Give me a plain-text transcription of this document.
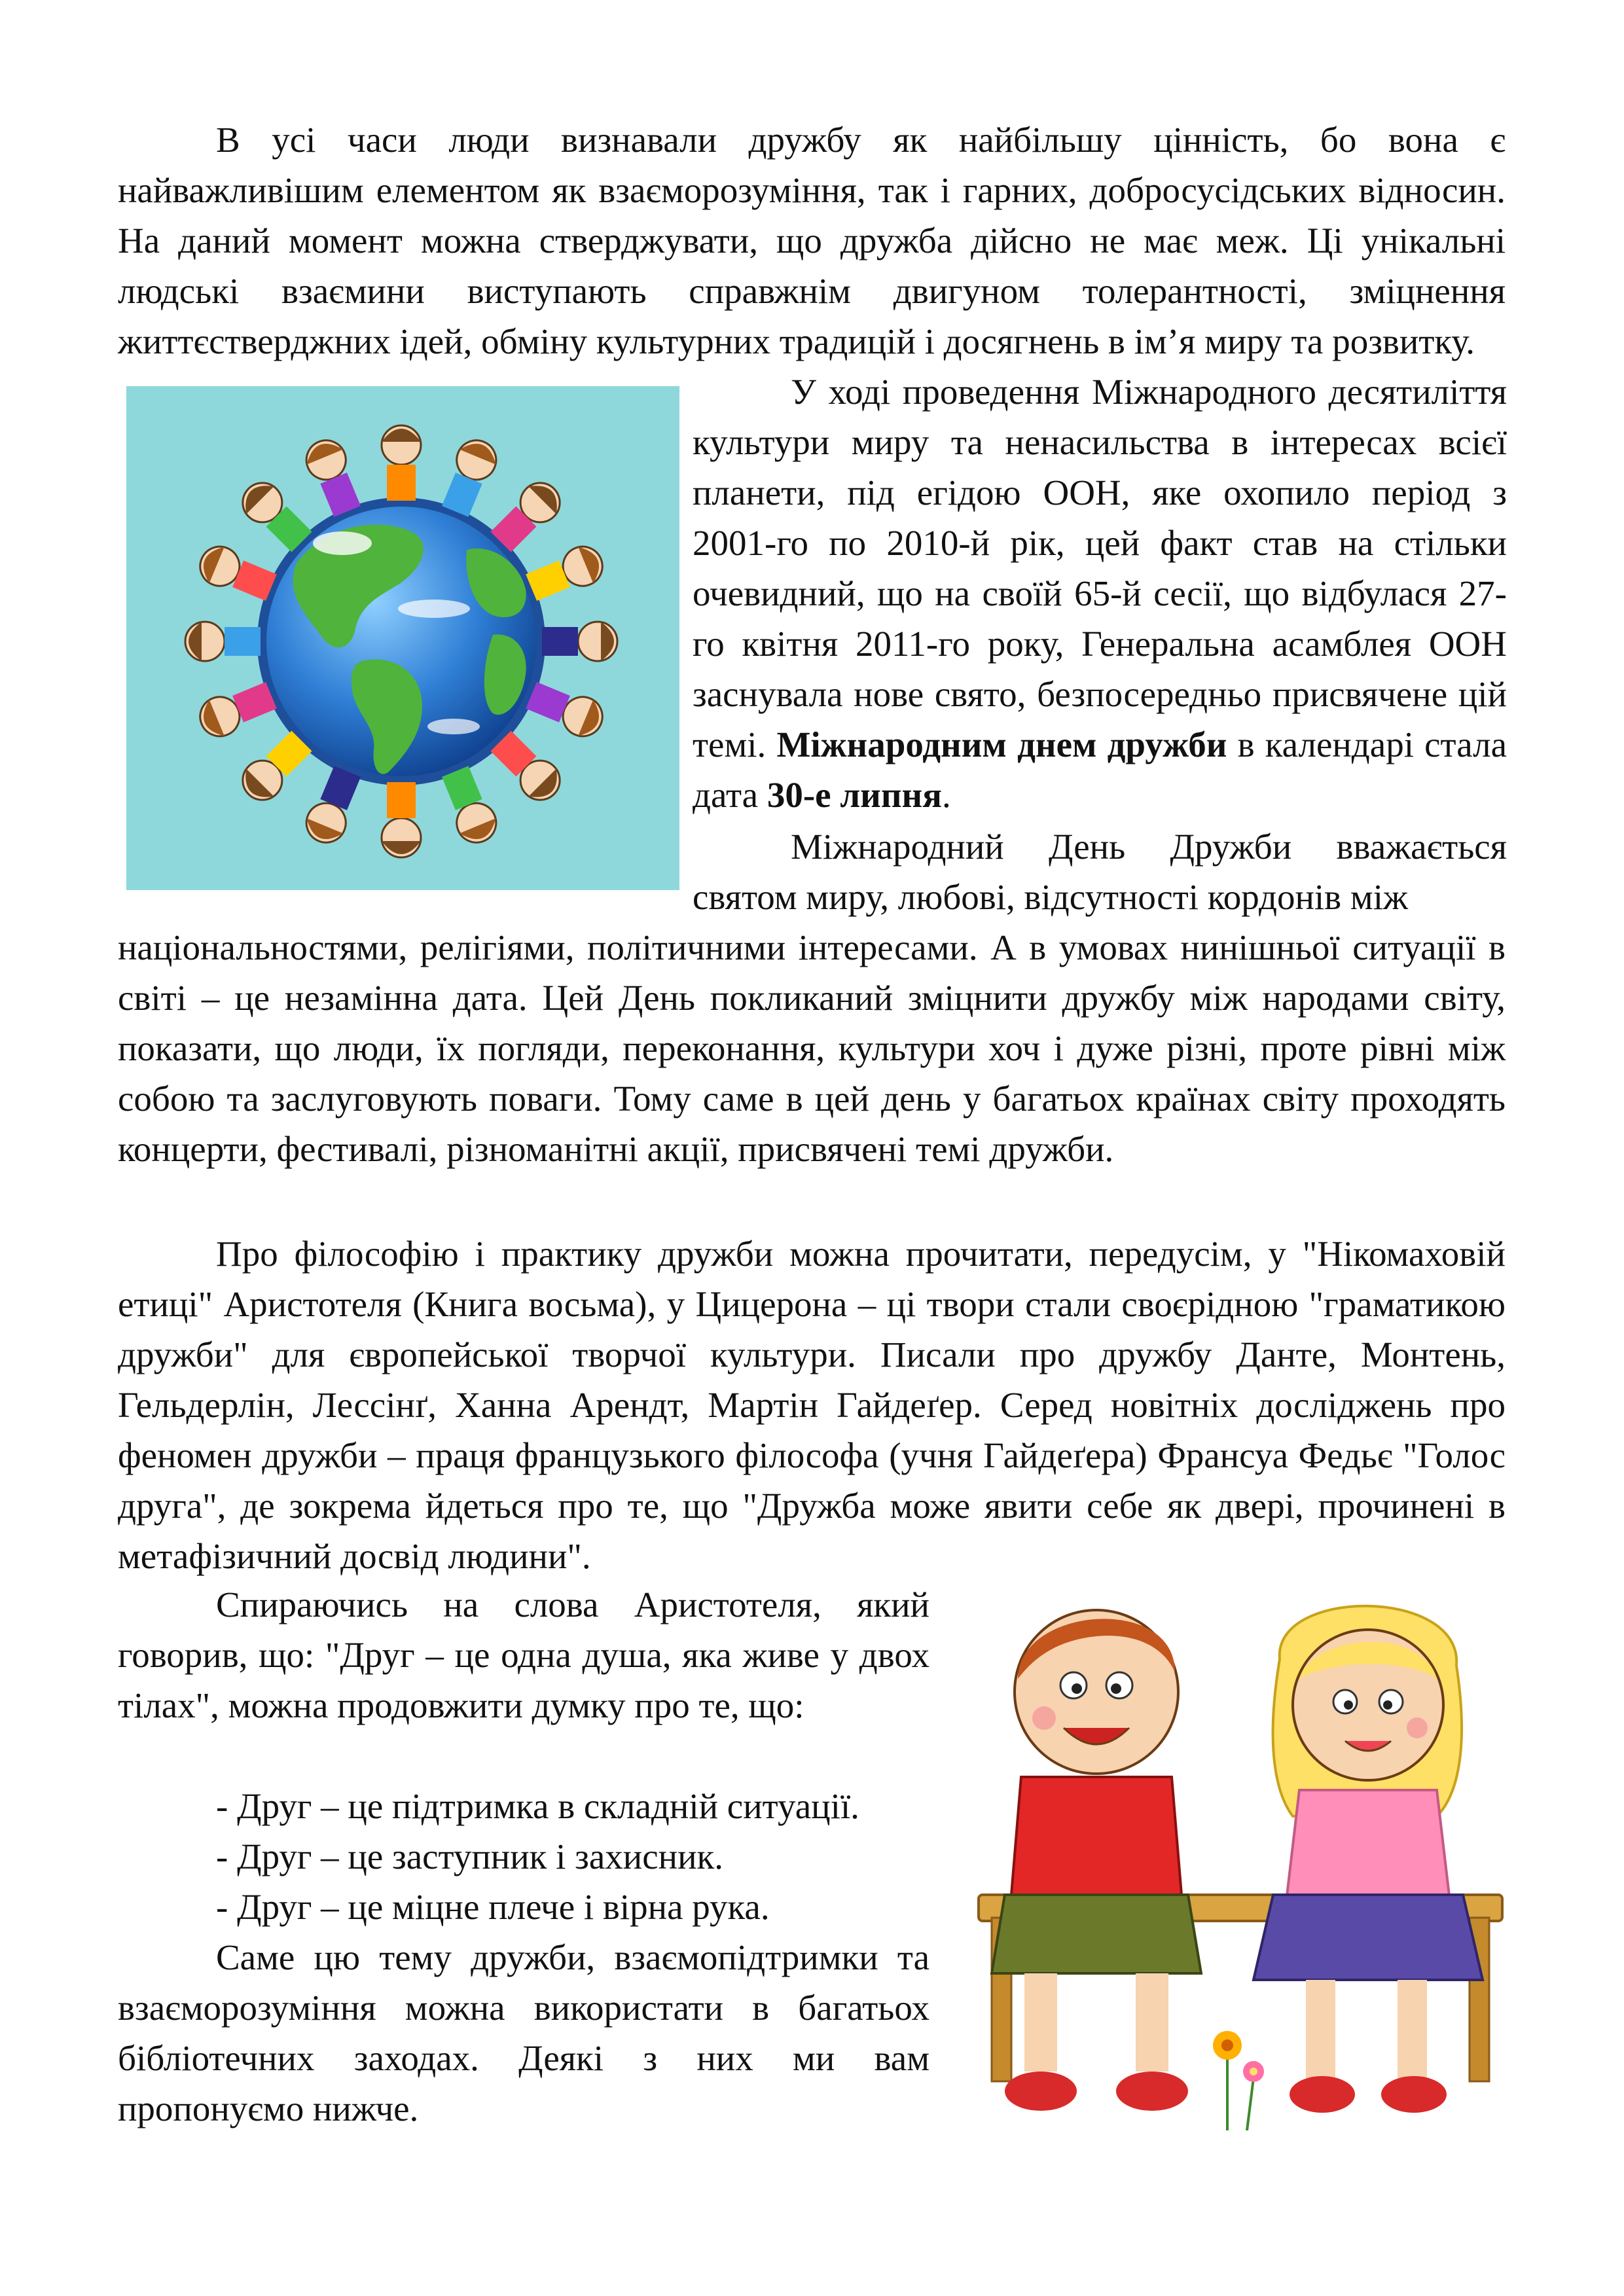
В усі часи люди визнавали дружбу як найбільшу цінність, бо вона є найважливішим елементом як взаєморозуміння, так і гарних, добросусідських відносин. На даний момент можна стверджувати, що дружба дійсно не має меж. Ці унікальні людські взаємини виступають справжнім двигуном толерантності, зміцнення життєстверджних ідей, обміну культурних традицій і досягнень в ім’я миру та розвитку.

У ході проведення Міжнародного десятиліття культури миру та ненасильства в інтересах всієї планети, під егідою ООН, яке охопило період з 2001-го по 2010-й рік, цей факт став на стільки очевидний, що на своїй 65-й сесії, що відбулася 27-го квітня 2011-го року, Генеральна асамблея ООН заснувала нове свято, безпосередньо присвячене цій темі. Міжнародним днем дружби в календарі стала дата 30-е липня.

Міжнародний День Дружби вважається святом миру, любові, відсутності кордонів між

національностями, релігіями, політичними інтересами. А в умовах нинішньої ситуації в світі – це незамінна дата. Цей День покликаний зміцнити дружбу між народами світу, показати, що люди, їх погляди, переконання, культури хоч і дуже різні, проте рівні між собою та заслуговують поваги. Тому саме в цей день у багатьох країнах світу проходять концерти, фестивалі, різноманітні акції, присвячені темі дружби.

Про філософію і практику дружби можна прочитати, передусім, у "Нікомаховій етиці" Аристотеля (Книга восьма), у Цицерона – ці твори стали своєрідною "граматикою дружби" для європейської творчої культури. Писали про дружбу Данте, Монтень, Гельдерлін, Лессінґ, Ханна Арендт, Мартін Гайдеґер. Серед новітніх досліджень про феномен дружби – праця французького філософа (учня Гайдеґера) Франсуа Федьє "Голос друга", де зокрема йдеться про те, що "Дружба може явити себе як двері, прочинені в метафізичний досвід людини".

Спираючись на слова Аристотеля, який говорив, що: "Друг – це одна душа, яка живе у двох тілах", можна продовжити думку про те, що:

- Друг – це підтримка в складній ситуації.
- Друг – це заступник і захисник.
- Друг – це міцне плече і вірна рука.

Саме цю тему дружби, взаємопідтримки та взаєморозуміння можна використати в багатьох бібліотечних заходах. Деякі з них ми вам пропонуємо нижче.
